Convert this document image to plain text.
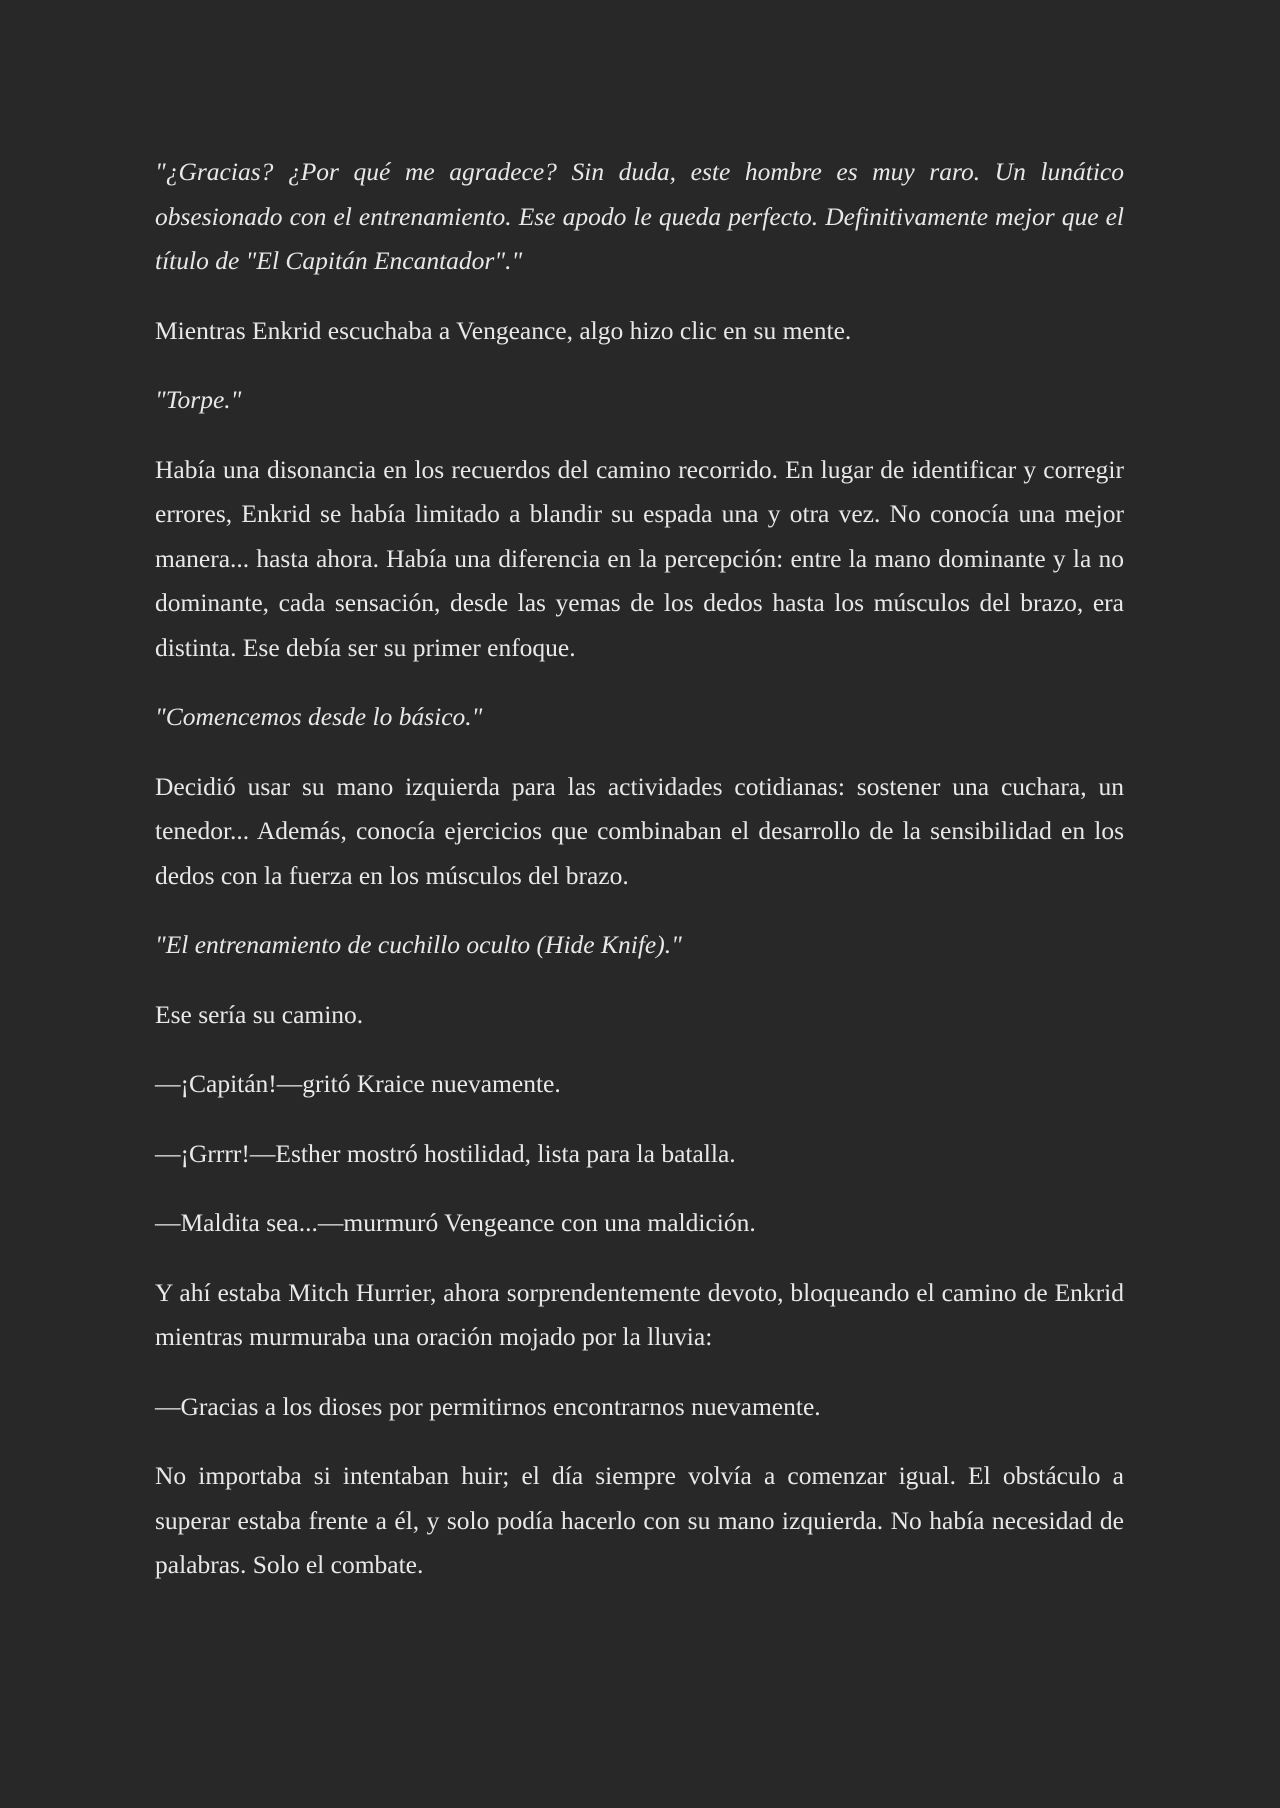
"¿Gracias? ¿Por qué me agradece? Sin duda, este hombre es muy raro. Un lunático obsesionado con el entrenamiento. Ese apodo le queda perfecto. Definitivamente mejor que el título de "El Capitán Encantador"."

Mientras Enkrid escuchaba a Vengeance, algo hizo clic en su mente.

"Torpe."

Había una disonancia en los recuerdos del camino recorrido. En lugar de identificar y corregir errores, Enkrid se había limitado a blandir su espada una y otra vez. No conocía una mejor manera... hasta ahora. Había una diferencia en la percepción: entre la mano dominante y la no dominante, cada sensación, desde las yemas de los dedos hasta los músculos del brazo, era distinta. Ese debía ser su primer enfoque.

"Comencemos desde lo básico."

Decidió usar su mano izquierda para las actividades cotidianas: sostener una cuchara, un tenedor... Además, conocía ejercicios que combinaban el desarrollo de la sensibilidad en los dedos con la fuerza en los músculos del brazo.

"El entrenamiento de cuchillo oculto (Hide Knife)."

Ese sería su camino.

—¡Capitán!—gritó Kraice nuevamente.

—¡Grrrr!—Esther mostró hostilidad, lista para la batalla.

—Maldita sea...—murmuró Vengeance con una maldición.

Y ahí estaba Mitch Hurrier, ahora sorprendentemente devoto, bloqueando el camino de Enkrid mientras murmuraba una oración mojado por la lluvia:

—Gracias a los dioses por permitirnos encontrarnos nuevamente.

No importaba si intentaban huir; el día siempre volvía a comenzar igual. El obstáculo a superar estaba frente a él, y solo podía hacerlo con su mano izquierda. No había necesidad de palabras. Solo el combate.
